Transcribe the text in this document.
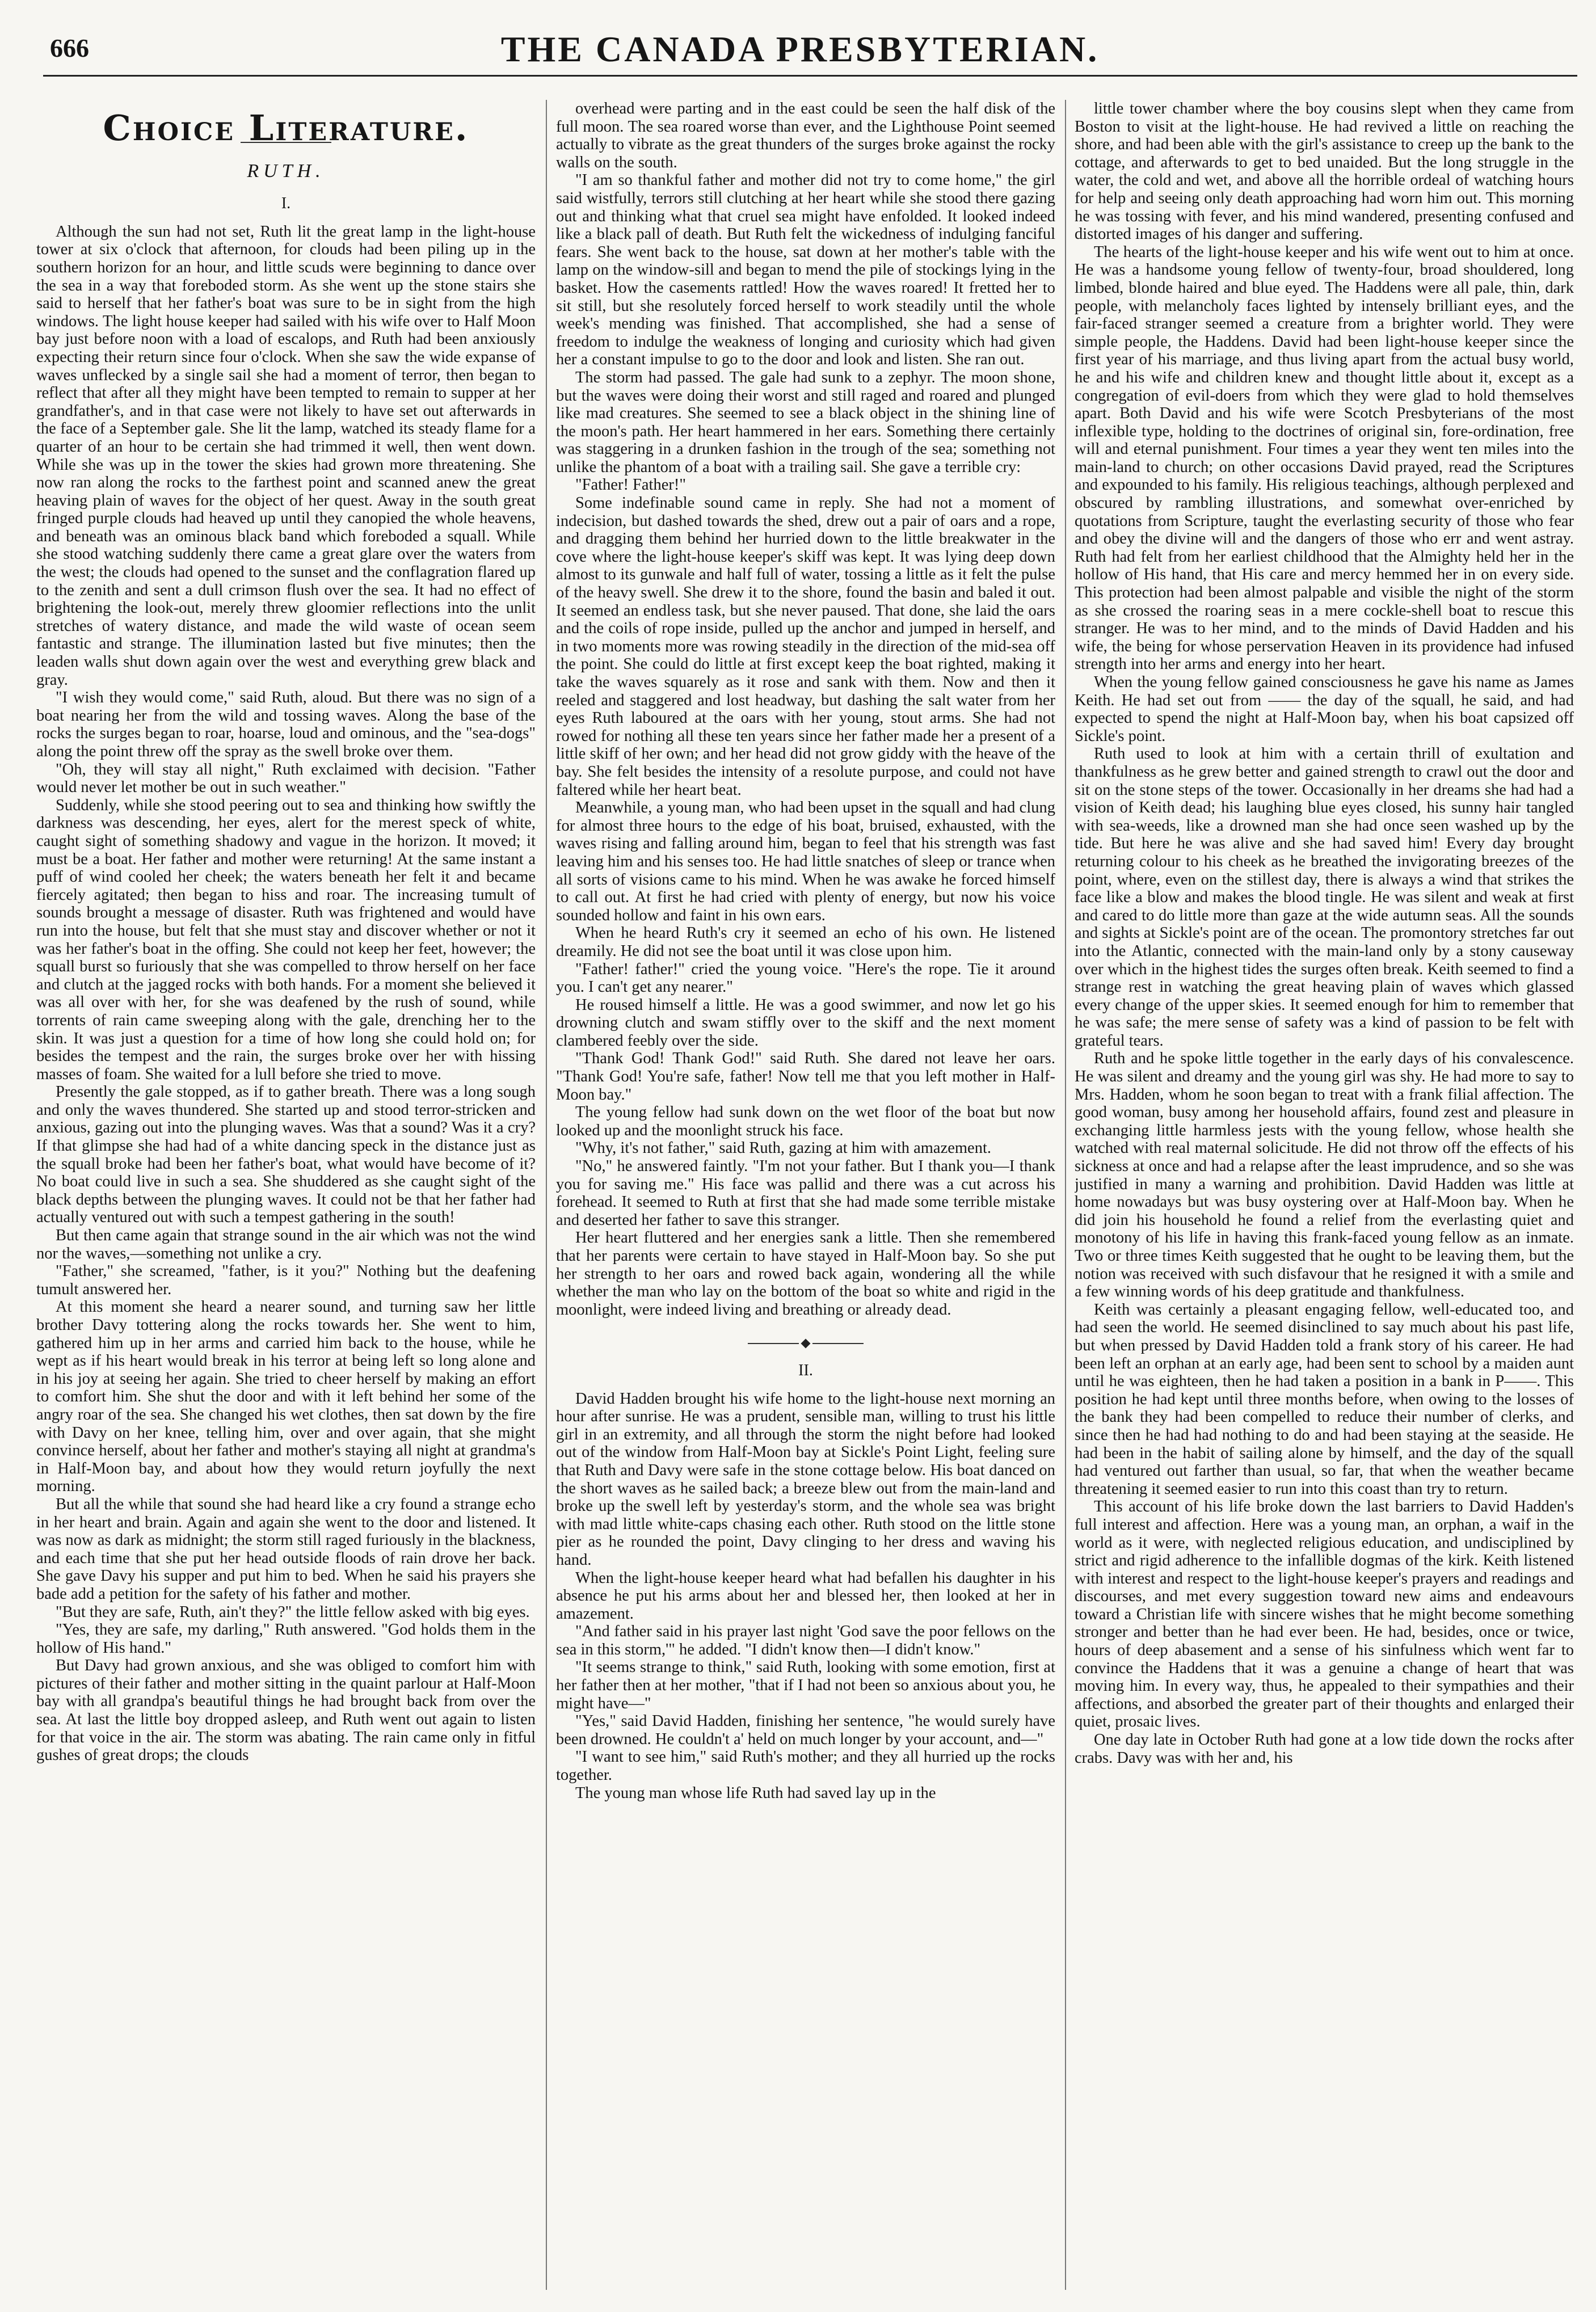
666	THE CANADA PRESBYTERIAN.
Choice Literature.
RUTH.
I.

Although the sun had not set, Ruth lit the great lamp in the light-house tower at six o'clock that afternoon, for clouds had been piling up in the southern horizon for an hour, and little scuds were beginning to dance over the sea in a way that foreboded storm. As she went up the stone stairs she said to herself that her father's boat was sure to be in sight from the high windows. The light house keeper had sailed with his wife over to Half Moon bay just before noon with a load of escalops, and Ruth had been anxiously expecting their return since four o'clock. When she saw the wide expanse of waves unflecked by a single sail she had a moment of terror, then began to reflect that after all they might have been tempted to remain to supper at her grandfather's, and in that case were not likely to have set out afterwards in the face of a September gale. She lit the lamp, watched its steady flame for a quarter of an hour to be certain she had trimmed it well, then went down. While she was up in the tower the skies had grown more threatening. She now ran along the rocks to the farthest point and scanned anew the great heaving plain of waves for the object of her quest. Away in the south great fringed purple clouds had heaved up until they canopied the whole heavens, and beneath was an ominous black band which foreboded a squall. While she stood watching suddenly there came a great glare over the waters from the west; the clouds had opened to the sunset and the conflagration flared up to the zenith and sent a dull crimson flush over the sea. It had no effect of brightening the look-out, merely threw gloomier reflections into the unlit stretches of watery distance, and made the wild waste of ocean seem fantastic and strange. The illumination lasted but five minutes; then the leaden walls shut down again over the west and everything grew black and gray.

"I wish they would come," said Ruth, aloud. But there was no sign of a boat nearing her from the wild and tossing waves. Along the base of the rocks the surges began to roar, hoarse, loud and ominous, and the "sea-dogs" along the point threw off the spray as the swell broke over them.

"Oh, they will stay all night," Ruth exclaimed with decision. "Father would never let mother be out in such weather."

Suddenly, while she stood peering out to sea and thinking how swiftly the darkness was descending, her eyes, alert for the merest speck of white, caught sight of something shadowy and vague in the horizon. It moved; it must be a boat. Her father and mother were returning! At the same instant a puff of wind cooled her cheek; the waters beneath her felt it and became fiercely agitated; then began to hiss and roar. The increasing tumult of sounds brought a message of disaster. Ruth was frightened and would have run into the house, but felt that she must stay and discover whether or not it was her father's boat in the offing. She could not keep her feet, however; the squall burst so furiously that she was compelled to throw herself on her face and clutch at the jagged rocks with both hands. For a moment she believed it was all over with her, for she was deafened by the rush of sound, while torrents of rain came sweeping along with the gale, drenching her to the skin. It was just a question for a time of how long she could hold on; for besides the tempest and the rain, the surges broke over her with hissing masses of foam. She waited for a lull before she tried to move.

Presently the gale stopped, as if to gather breath. There was a long sough and only the waves thundered. She started up and stood terror-stricken and anxious, gazing out into the plunging waves. Was that a sound? Was it a cry? If that glimpse she had had of a white dancing speck in the distance just as the squall broke had been her father's boat, what would have become of it? No boat could live in such a sea. She shuddered as she caught sight of the black depths between the plunging waves. It could not be that her father had actually ventured out with such a tempest gathering in the south!

But then came again that strange sound in the air which was not the wind nor the waves,—something not unlike a cry.

"Father," she screamed, "father, is it you?" Nothing but the deafening tumult answered her.

At this moment she heard a nearer sound, and turning saw her little brother Davy tottering along the rocks towards her. She went to him, gathered him up in her arms and carried him back to the house, while he wept as if his heart would break in his terror at being left so long alone and in his joy at seeing her again. She tried to cheer herself by making an effort to comfort him. She shut the door and with it left behind her some of the angry roar of the sea. She changed his wet clothes, then sat down by the fire with Davy on her knee, telling him, over and over again, that she might convince herself, about her father and mother's staying all night at grandma's in Half-Moon bay, and about how they would return joyfully the next morning.

But all the while that sound she had heard like a cry found a strange echo in her heart and brain. Again and again she went to the door and listened. It was now as dark as midnight; the storm still raged furiously in the blackness, and each time that she put her head outside floods of rain drove her back. She gave Davy his supper and put him to bed. When he said his prayers she bade add a petition for the safety of his father and mother.

"But they are safe, Ruth, ain't they?" the little fellow asked with big eyes.

"Yes, they are safe, my darling," Ruth answered. "God holds them in the hollow of His hand."

But Davy had grown anxious, and she was obliged to comfort him with pictures of their father and mother sitting in the quaint parlour at Half-Moon bay with all grandpa's beautiful things he had brought back from over the sea. At last the little boy dropped asleep, and Ruth went out again to listen for that voice in the air. The storm was abating. The rain came only in fitful gushes of great drops; the clouds

overhead were parting and in the east could be seen the half disk of the full moon. The sea roared worse than ever, and the Lighthouse Point seemed actually to vibrate as the great thunders of the surges broke against the rocky walls on the south.

"I am so thankful father and mother did not try to come home," the girl said wistfully, terrors still clutching at her heart while she stood there gazing out and thinking what that cruel sea might have enfolded. It looked indeed like a black pall of death. But Ruth felt the wickedness of indulging fanciful fears. She went back to the house, sat down at her mother's table with the lamp on the window-sill and began to mend the pile of stockings lying in the basket. How the casements rattled! How the waves roared! It fretted her to sit still, but she resolutely forced herself to work steadily until the whole week's mending was finished. That accomplished, she had a sense of freedom to indulge the weakness of longing and curiosity which had given her a constant impulse to go to the door and look and listen. She ran out.

The storm had passed. The gale had sunk to a zephyr. The moon shone, but the waves were doing their worst and still raged and roared and plunged like mad creatures. She seemed to see a black object in the shining line of the moon's path. Her heart hammered in her ears. Something there certainly was staggering in a drunken fashion in the trough of the sea; something not unlike the phantom of a boat with a trailing sail. She gave a terrible cry:

"Father! Father!"

Some indefinable sound came in reply. She had not a moment of indecision, but dashed towards the shed, drew out a pair of oars and a rope, and dragging them behind her hurried down to the little breakwater in the cove where the light-house keeper's skiff was kept. It was lying deep down almost to its gunwale and half full of water, tossing a little as it felt the pulse of the heavy swell. She drew it to the shore, found the basin and baled it out. It seemed an endless task, but she never paused. That done, she laid the oars and the coils of rope inside, pulled up the anchor and jumped in herself, and in two moments more was rowing steadily in the direction of the mid-sea off the point. She could do little at first except keep the boat righted, making it take the waves squarely as it rose and sank with them. Now and then it reeled and staggered and lost headway, but dashing the salt water from her eyes Ruth laboured at the oars with her young, stout arms. She had not rowed for nothing all these ten years since her father made her a present of a little skiff of her own; and her head did not grow giddy with the heave of the bay. She felt besides the intensity of a resolute purpose, and could not have faltered while her heart beat.

Meanwhile, a young man, who had been upset in the squall and had clung for almost three hours to the edge of his boat, bruised, exhausted, with the waves rising and falling around him, began to feel that his strength was fast leaving him and his senses too. He had little snatches of sleep or trance when all sorts of visions came to his mind. When he was awake he forced himself to call out. At first he had cried with plenty of energy, but now his voice sounded hollow and faint in his own ears.

When he heard Ruth's cry it seemed an echo of his own. He listened dreamily. He did not see the boat until it was close upon him.

"Father! father!" cried the young voice. "Here's the rope. Tie it around you. I can't get any nearer."

He roused himself a little. He was a good swimmer, and now let go his drowning clutch and swam stiffly over to the skiff and the next moment clambered feebly over the side.

"Thank God! Thank God!" said Ruth. She dared not leave her oars. "Thank God! You're safe, father! Now tell me that you left mother in Half-Moon bay."

The young fellow had sunk down on the wet floor of the boat but now looked up and the moonlight struck his face.

"Why, it's not father," said Ruth, gazing at him with amazement.

"No," he answered faintly. "I'm not your father. But I thank you—I thank you for saving me." His face was pallid and there was a cut across his forehead. It seemed to Ruth at first that she had made some terrible mistake and deserted her father to save this stranger.

Her heart fluttered and her energies sank a little. Then she remembered that her parents were certain to have stayed in Half-Moon bay. So she put her strength to her oars and rowed back again, wondering all the while whether the man who lay on the bottom of the boat so white and rigid in the moonlight, were indeed living and breathing or already dead.

II.

David Hadden brought his wife home to the light-house next morning an hour after sunrise. He was a prudent, sensible man, willing to trust his little girl in an extremity, and all through the storm the night before had looked out of the window from Half-Moon bay at Sickle's Point Light, feeling sure that Ruth and Davy were safe in the stone cottage below. His boat danced on the short waves as he sailed back; a breeze blew out from the main-land and broke up the swell left by yesterday's storm, and the whole sea was bright with mad little white-caps chasing each other. Ruth stood on the little stone pier as he rounded the point, Davy clinging to her dress and waving his hand.

When the light-house keeper heard what had befallen his daughter in his absence he put his arms about her and blessed her, then looked at her in amazement.

"And father said in his prayer last night 'God save the poor fellows on the sea in this storm,'" he added. "I didn't know then—I didn't know."

"It seems strange to think," said Ruth, looking with some emotion, first at her father then at her mother, "that if I had not been so anxious about you, he might have—"

"Yes," said David Hadden, finishing her sentence, "he would surely have been drowned. He couldn't a' held on much longer by your account, and—"

"I want to see him," said Ruth's mother; and they all hurried up the rocks together.

The young man whose life Ruth had saved lay up in the

little tower chamber where the boy cousins slept when they came from Boston to visit at the light-house. He had revived a little on reaching the shore, and had been able with the girl's assistance to creep up the bank to the cottage, and afterwards to get to bed unaided. But the long struggle in the water, the cold and wet, and above all the horrible ordeal of watching hours for help and seeing only death approaching had worn him out. This morning he was tossing with fever, and his mind wandered, presenting confused and distorted images of his danger and suffering.

The hearts of the light-house keeper and his wife went out to him at once. He was a handsome young fellow of twenty-four, broad shouldered, long limbed, blonde haired and blue eyed. The Haddens were all pale, thin, dark people, with melancholy faces lighted by intensely brilliant eyes, and the fair-faced stranger seemed a creature from a brighter world. They were simple people, the Haddens. David had been light-house keeper since the first year of his marriage, and thus living apart from the actual busy world, he and his wife and children knew and thought little about it, except as a congregation of evil-doers from which they were glad to hold themselves apart. Both David and his wife were Scotch Presbyterians of the most inflexible type, holding to the doctrines of original sin, fore-ordination, free will and eternal punishment. Four times a year they went ten miles into the main-land to church; on other occasions David prayed, read the Scriptures and expounded to his family. His religious teachings, although perplexed and obscured by rambling illustrations, and somewhat over-enriched by quotations from Scripture, taught the everlasting security of those who fear and obey the divine will and the dangers of those who err and went astray. Ruth had felt from her earliest childhood that the Almighty held her in the hollow of His hand, that His care and mercy hemmed her in on every side. This protection had been almost palpable and visible the night of the storm as she crossed the roaring seas in a mere cockle-shell boat to rescue this stranger. He was to her mind, and to the minds of David Hadden and his wife, the being for whose perservation Heaven in its providence had infused strength into her arms and energy into her heart.

When the young fellow gained consciousness he gave his name as James Keith. He had set out from —— the day of the squall, he said, and had expected to spend the night at Half-Moon bay, when his boat capsized off Sickle's point.

Ruth used to look at him with a certain thrill of exultation and thankfulness as he grew better and gained strength to crawl out the door and sit on the stone steps of the tower. Occasionally in her dreams she had had a vision of Keith dead; his laughing blue eyes closed, his sunny hair tangled with sea-weeds, like a drowned man she had once seen washed up by the tide. But here he was alive and she had saved him! Every day brought returning colour to his cheek as he breathed the invigorating breezes of the point, where, even on the stillest day, there is always a wind that strikes the face like a blow and makes the blood tingle. He was silent and weak at first and cared to do little more than gaze at the wide autumn seas. All the sounds and sights at Sickle's point are of the ocean. The promontory stretches far out into the Atlantic, connected with the main-land only by a stony causeway over which in the highest tides the surges often break. Keith seemed to find a strange rest in watching the great heaving plain of waves which glassed every change of the upper skies. It seemed enough for him to remember that he was safe; the mere sense of safety was a kind of passion to be felt with grateful tears.

Ruth and he spoke little together in the early days of his convalescence. He was silent and dreamy and the young girl was shy. He had more to say to Mrs. Hadden, whom he soon began to treat with a frank filial affection. The good woman, busy among her household affairs, found zest and pleasure in exchanging little harmless jests with the young fellow, whose health she watched with real maternal solicitude. He did not throw off the effects of his sickness at once and had a relapse after the least imprudence, and so she was justified in many a warning and prohibition. David Hadden was little at home nowadays but was busy oystering over at Half-Moon bay. When he did join his household he found a relief from the everlasting quiet and monotony of his life in having this frank-faced young fellow as an inmate. Two or three times Keith suggested that he ought to be leaving them, but the notion was received with such disfavour that he resigned it with a smile and a few winning words of his deep gratitude and thankfulness.

Keith was certainly a pleasant engaging fellow, well-educated too, and had seen the world. He seemed disinclined to say much about his past life, but when pressed by David Hadden told a frank story of his career. He had been left an orphan at an early age, had been sent to school by a maiden aunt until he was eighteen, then he had taken a position in a bank in P——. This position he had kept until three months before, when owing to the losses of the bank they had been compelled to reduce their number of clerks, and since then he had had nothing to do and had been staying at the seaside. He had been in the habit of sailing alone by himself, and the day of the squall had ventured out farther than usual, so far, that when the weather became threatening it seemed easier to run into this coast than try to return.

This account of his life broke down the last barriers to David Hadden's full interest and affection. Here was a young man, an orphan, a waif in the world as it were, with neglected religious education, and undisciplined by strict and rigid adherence to the infallible dogmas of the kirk. Keith listened with interest and respect to the light-house keeper's prayers and readings and discourses, and met every suggestion toward new aims and endeavours toward a Christian life with sincere wishes that he might become something stronger and better than he had ever been. He had, besides, once or twice, hours of deep abasement and a sense of his sinfulness which went far to convince the Haddens that it was a genuine a change of heart that was moving him. In every way, thus, he appealed to their sympathies and their affections, and absorbed the greater part of their thoughts and enlarged their quiet, prosaic lives.

One day late in October Ruth had gone at a low tide down the rocks after crabs. Davy was with her and, his
